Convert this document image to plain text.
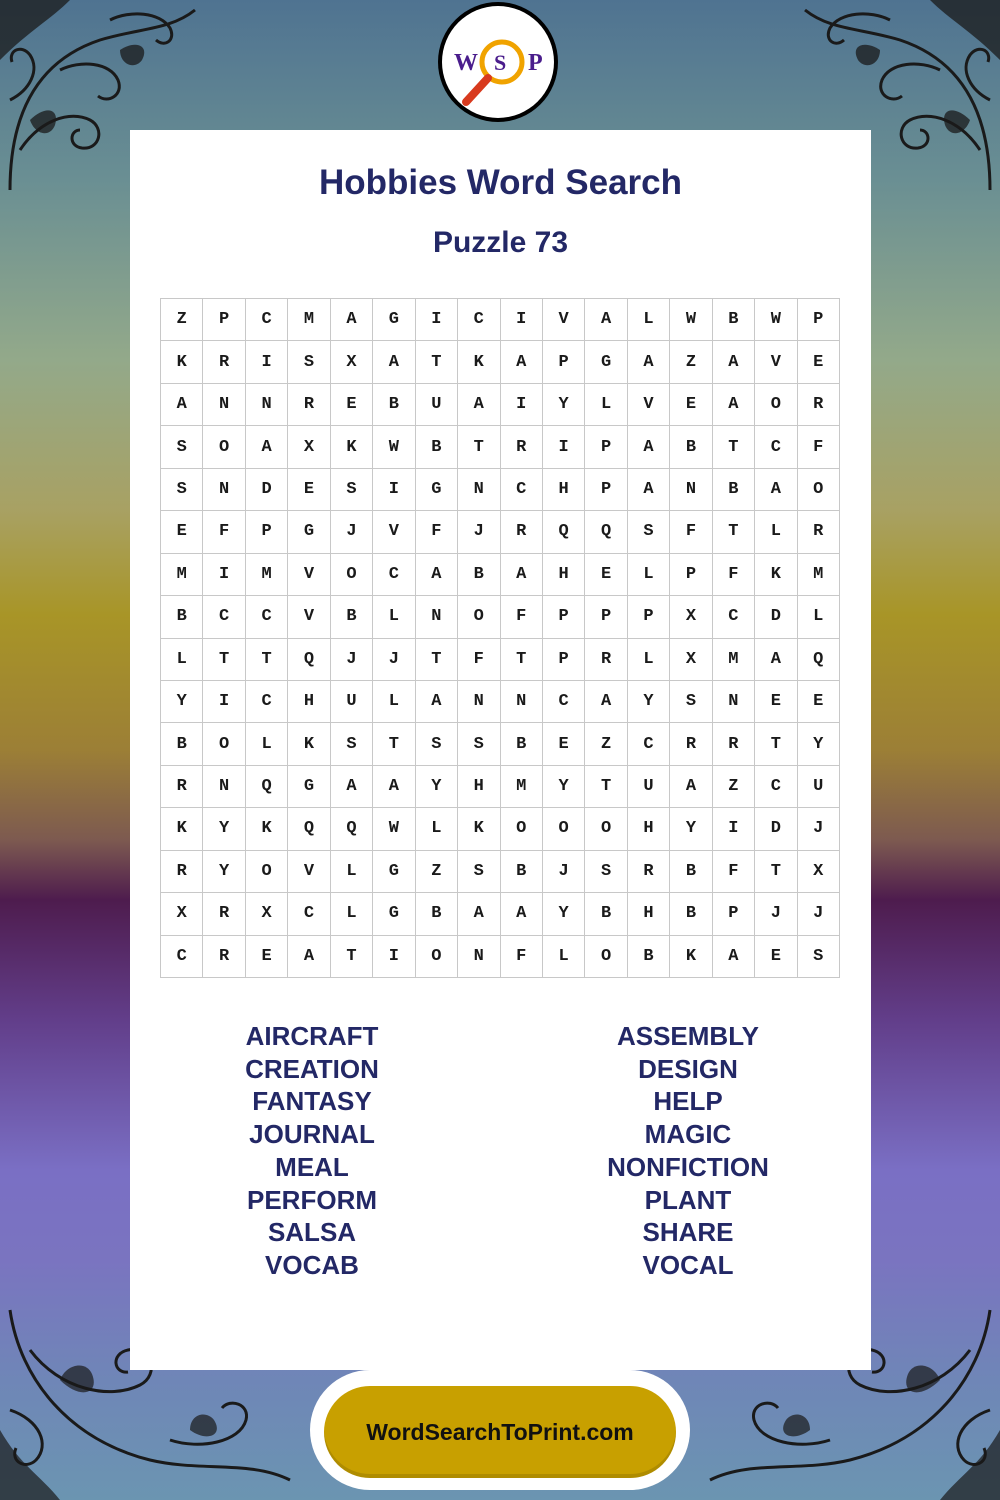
W S P
Hobbies Word Search
Puzzle 73
Z	P	C	M	A	G	I	C	I	V	A	L	W	B	W	P
K	R	I	S	X	A	T	K	A	P	G	A	Z	A	V	E
A	N	N	R	E	B	U	A	I	Y	L	V	E	A	O	R
S	O	A	X	K	W	B	T	R	I	P	A	B	T	C	F
S	N	D	E	S	I	G	N	C	H	P	A	N	B	A	O
E	F	P	G	J	V	F	J	R	Q	Q	S	F	T	L	R
M	I	M	V	O	C	A	B	A	H	E	L	P	F	K	M
B	C	C	V	B	L	N	O	F	P	P	P	X	C	D	L
L	T	T	Q	J	J	T	F	T	P	R	L	X	M	A	Q
Y	I	C	H	U	L	A	N	N	C	A	Y	S	N	E	E
B	O	L	K	S	T	S	S	B	E	Z	C	R	R	T	Y
R	N	Q	G	A	A	Y	H	M	Y	T	U	A	Z	C	U
K	Y	K	Q	Q	W	L	K	O	O	O	H	Y	I	D	J
R	Y	O	V	L	G	Z	S	B	J	S	R	B	F	T	X
X	R	X	C	L	G	B	A	A	Y	B	H	B	P	J	J
C	R	E	A	T	I	O	N	F	L	O	B	K	A	E	S
AIRCRAFT
CREATION
FANTASY
JOURNAL
MEAL
PERFORM
SALSA
VOCAB
ASSEMBLY
DESIGN
HELP
MAGIC
NONFICTION
PLANT
SHARE
VOCAL
WordSearchToPrint.com
